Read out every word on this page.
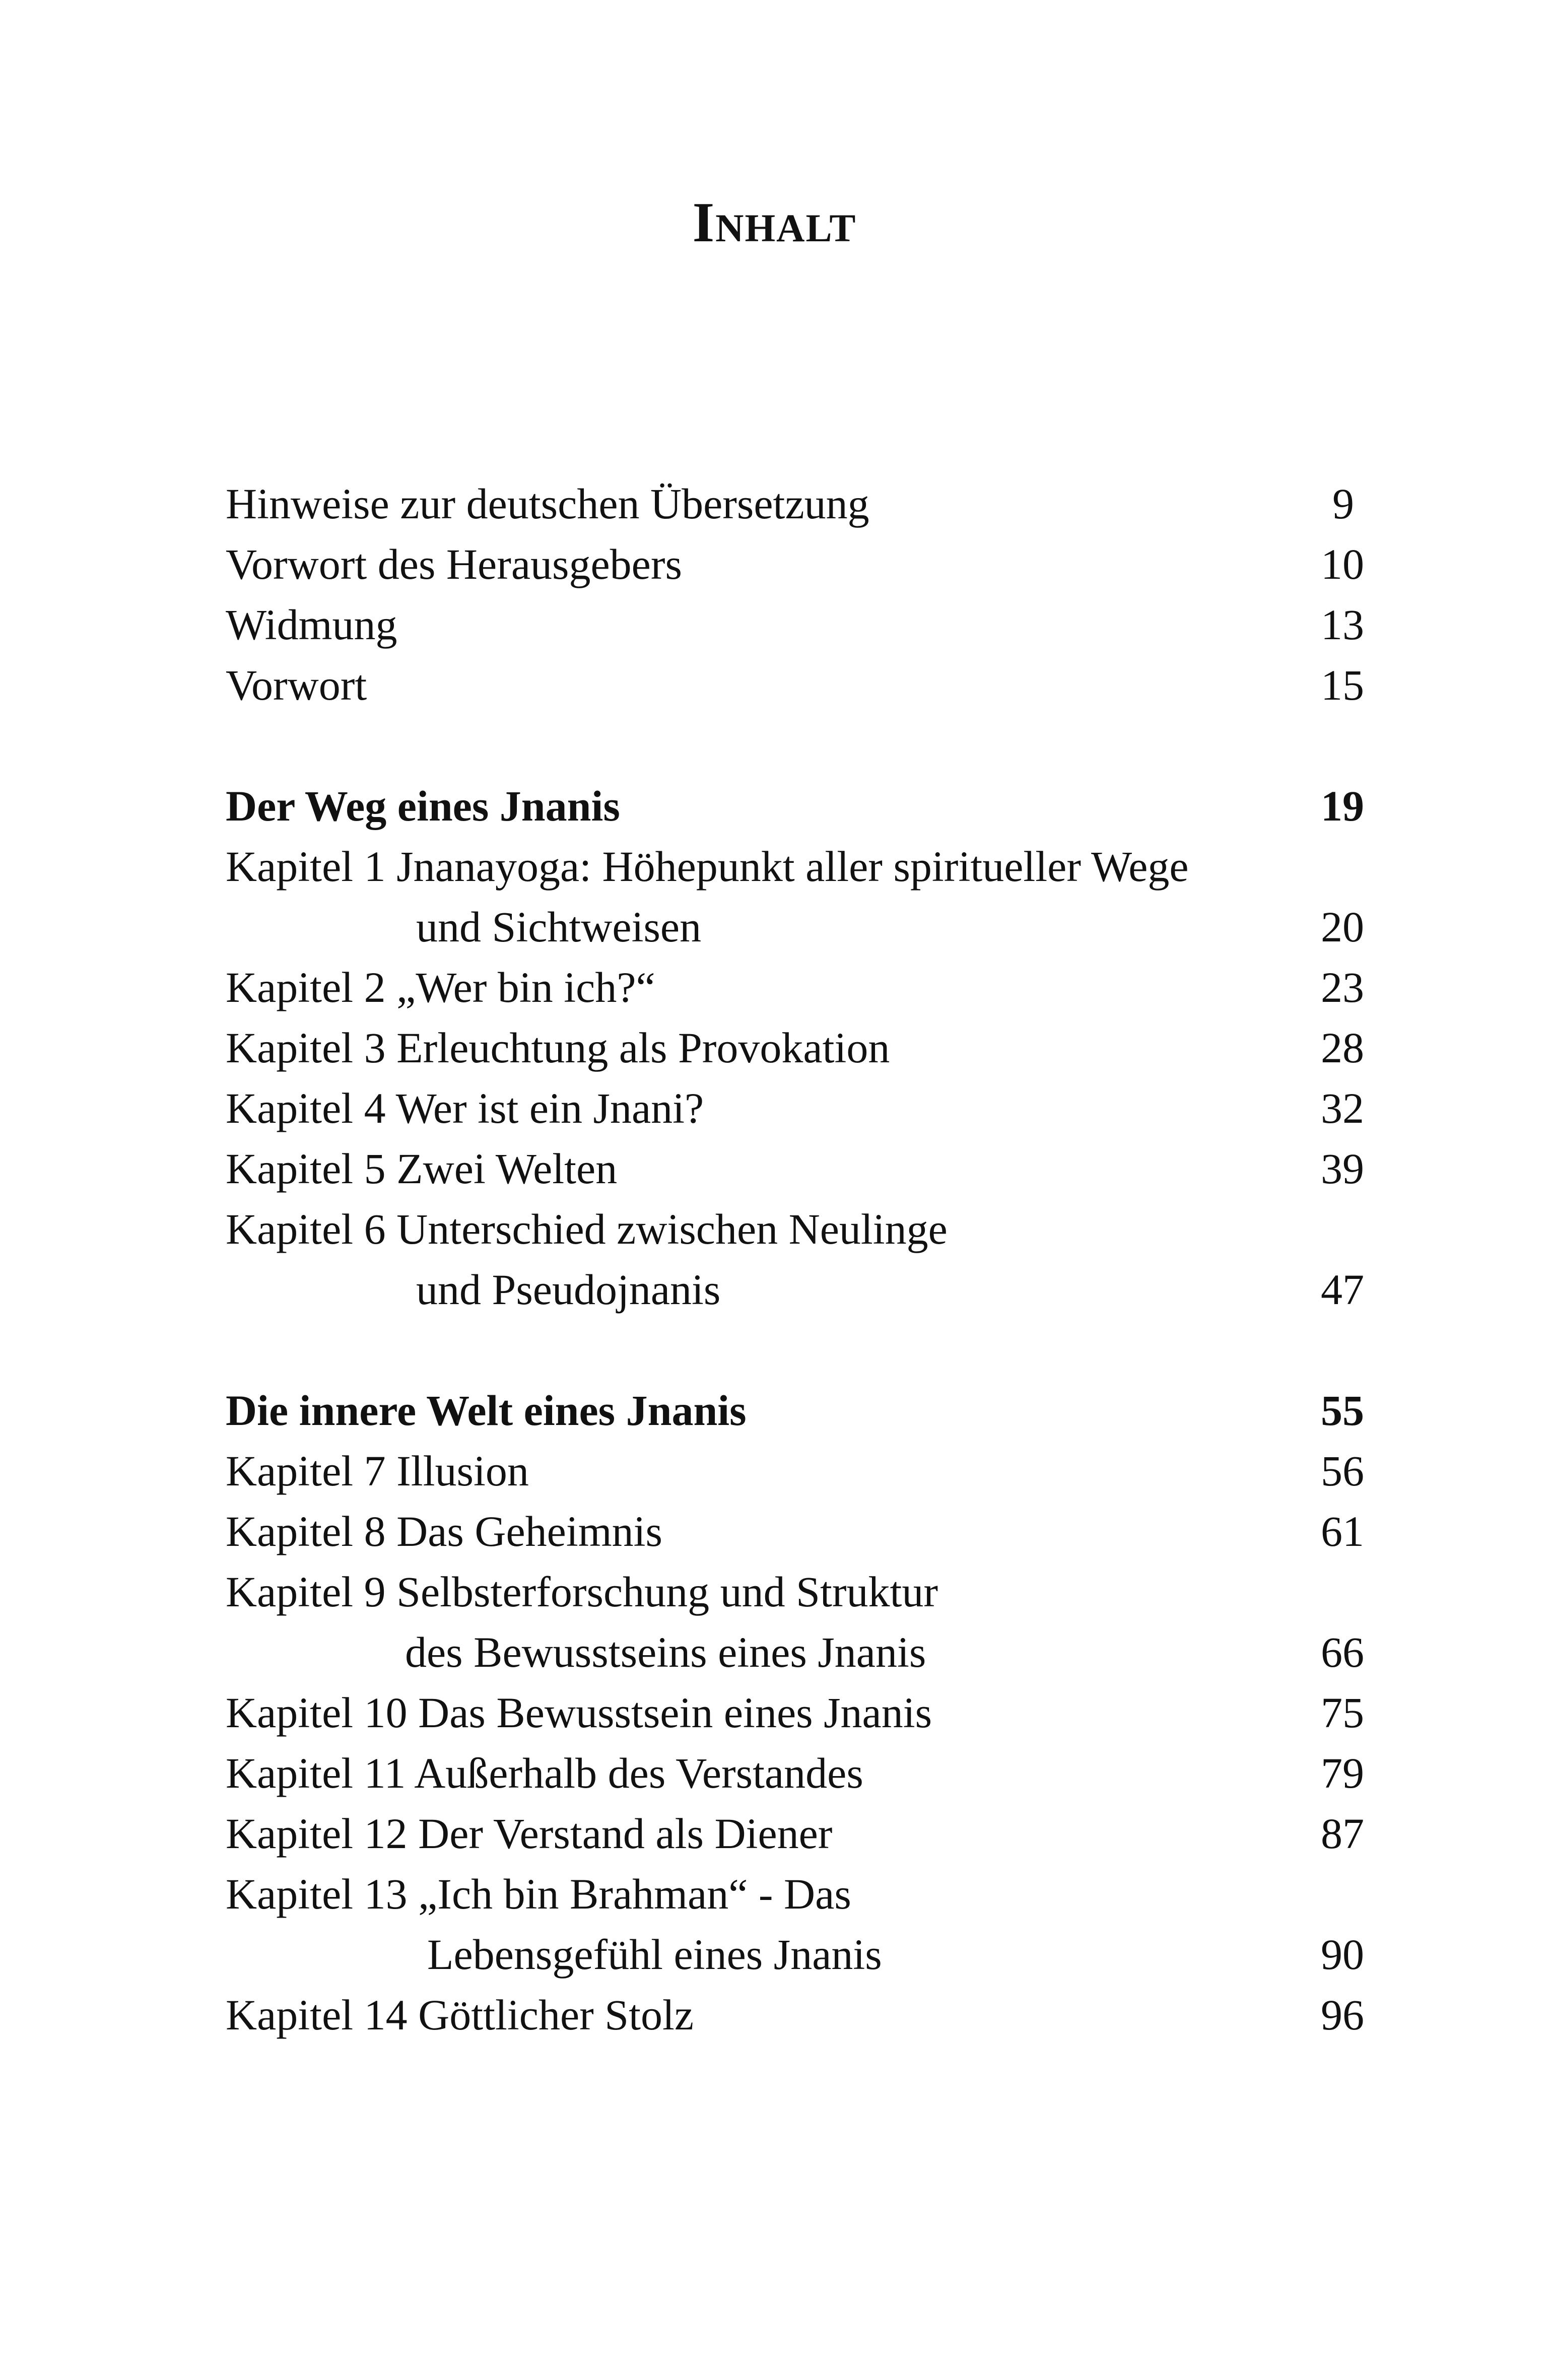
Inhalt
Hinweise zur deutschen Übersetzung	9
Vorwort des Herausgebers	10
Widmung	13
Vorwort	15
Der Weg eines Jnanis	19
Kapitel 1 Jnanayoga: Höhepunkt aller spiritueller Wege
und Sichtweisen	20
Kapitel 2 „Wer bin ich?“	23
Kapitel 3 Erleuchtung als Provokation	28
Kapitel 4 Wer ist ein Jnani?	32
Kapitel 5 Zwei Welten	39
Kapitel 6 Unterschied zwischen Neulinge
und Pseudojnanis	47
Die innere Welt eines Jnanis	55
Kapitel 7 Illusion	56
Kapitel 8 Das Geheimnis	61
Kapitel 9 Selbsterforschung und Struktur
des Bewusstseins eines Jnanis	66
Kapitel 10 Das Bewusstsein eines Jnanis	75
Kapitel 11 Außerhalb des Verstandes	79
Kapitel 12 Der Verstand als Diener	87
Kapitel 13 „Ich bin Brahman“ - Das
Lebensgefühl eines Jnanis	90
Kapitel 14 Göttlicher Stolz	96
